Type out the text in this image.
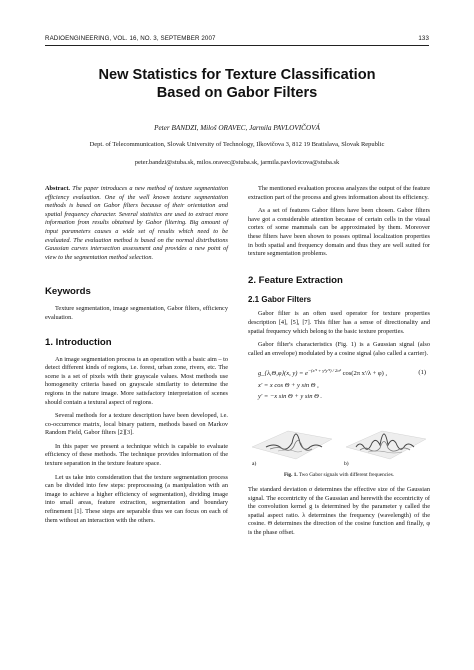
RADIOENGINEERING, VOL. 16, NO. 3, SEPTEMBER 2007	133
New Statistics for Texture Classification
Based on Gabor Filters
Peter BANDZI, Miloš ORAVEC, Jarmila PAVLOVIČOVÁ
Dept. of Telecommunication, Slovak University of Technology, Ilkovičova 3, 812 19 Bratislava, Slovak Republic
peter.bandzi@stuba.sk, milos.oravec@stuba.sk, jarmila.pavlovicova@stuba.sk
Abstract. The paper introduces a new method of texture segmentation efficiency evaluation. One of the well known texture segmentation methods is based on Gabor filters because of their orientation and spatial frequency character. Several statistics are used to extract more information from results obtained by Gabor filtering. Big amount of input parameters causes a wide set of results which need to be evaluated. The evaluation method is based on the normal distributions Gaussian curves intersection assessment and provides a new point of view to the segmentation method selection.
Keywords
Texture segmentation, image segmentation, Gabor filters, efficiency evaluation.
1. Introduction

An image segmentation process is an operation with a basic aim – to detect different kinds of regions, i.e. forest, urban zone, rivers, etc. The scene is a set of pixels with their grayscale values. Most methods use homogeneity criteria based on grayscale similarity to determine the regions in the nature image. More satisfactory interpretation of scenes should contain a textural aspect of regions.

Several methods for a texture description have been developed, i.e. co-occurrence matrix, local binary pattern, methods based on Markov Random Field, Gabor filters [2][3].

In this paper we present a technique which is capable to evaluate efficiency of these methods. The technique provides information of the texture separation in the texture feature space.

Let us take into consideration that the texture segmentation process can be divided into few steps: preprocessing (a manipulation with an image to achieve a higher efficiency of segmentation), dividing image into small areas, feature extraction, segmentation and boundary refinement [1]. These steps are separable thus we can focus on each of them without an interaction with the others.

The mentioned evaluation process analyzes the output of the feature extraction part of the process and gives information about its efficiency.

As a set of features Gabor filters have been chosen. Gabor filters have got a considerable attention because of certain cells in the visual cortex of some mammals can be approximated by them. Moreover these filters have been shown to posses optimal localization properties in both spatial and frequency domain and thus they are well suited for texture segmentation problems.

2. Feature Extraction
2.1 Gabor Filters

Gabor filter is an often used operator for texture properties description [4], [5], [7]. This filter has a sense of directionality and spatial frequency which belong to the basic texture properties.

Gabor filter's characteristics (Fig. 1) is a Gaussian signal (also called an envelope) modulated by a cosine signal (also called a carrier).

g_{λ,Θ,φ}(x, $y) = e^{-(x'^2 + \gamma^2y'^2) / 2\sigma^2}$ cos(2π x'/λ + φ) ,	(1)
x' = x cos Θ + y sin Θ ,
y' = −x sin Θ + y sin Θ .
a)	b)
Fig. 1. Two Gabor signals with different frequencies.

The standard deviation σ determines the effective size of the Gaussian signal. The eccentricity of the Gaussian and herewith the eccentricity of the convolution kernel g is determined by the parameter γ called the spatial aspect ratio. λ determines the frequency (wavelength) of the cosine. Θ determines the direction of the cosine function and finally, φ is the phase offset.
